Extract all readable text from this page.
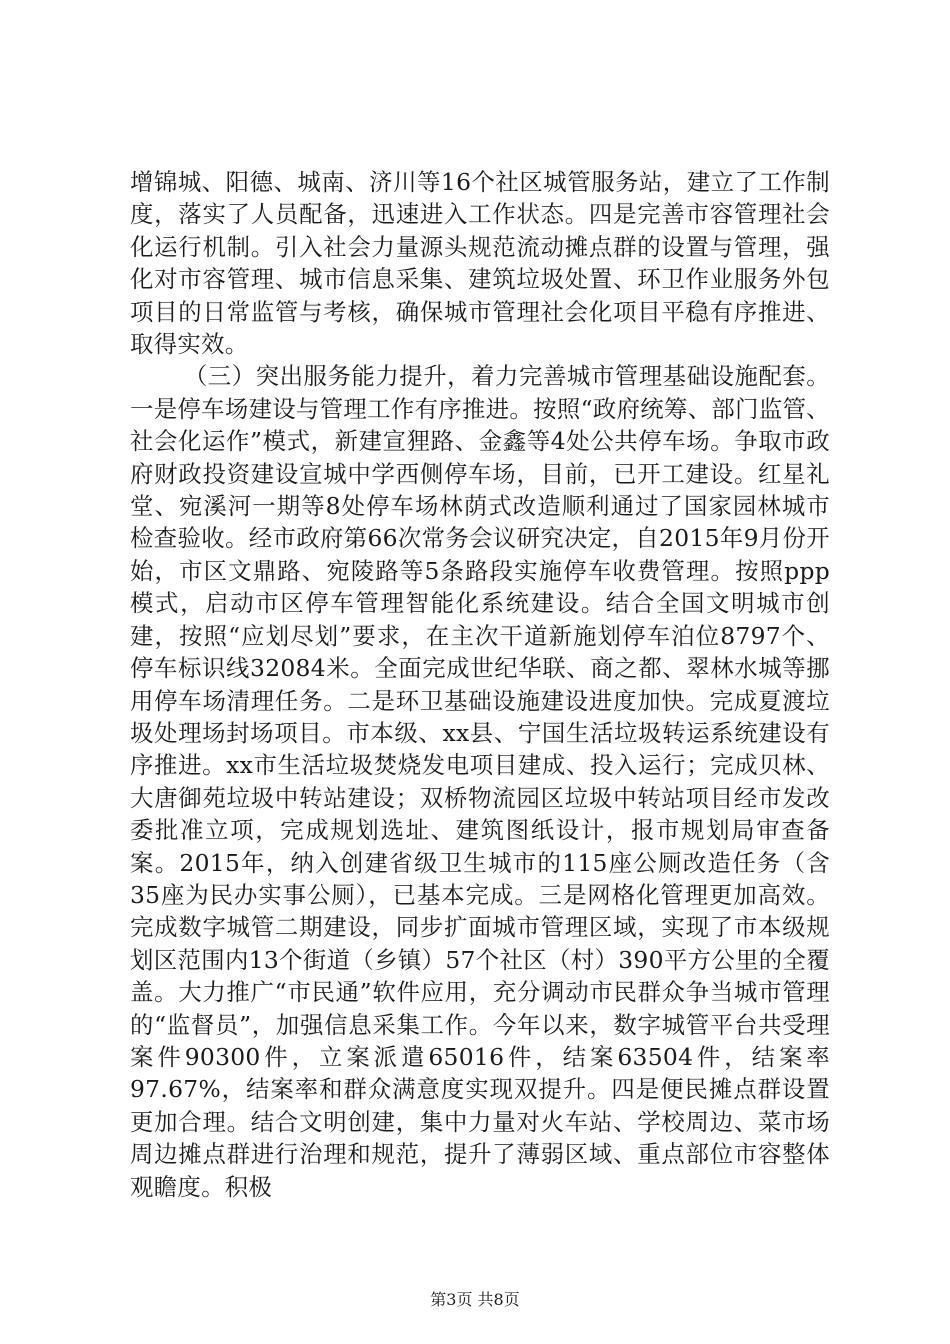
增锦城、阳德、城南、济川等16个社区城管服务站，建立了工作制度，落实了人员配备，迅速进入工作状态。四是完善市容管理社会化运行机制。引入社会力量源头规范流动摊点群的设置与管理，强化对市容管理、城市信息采集、建筑垃圾处置、环卫作业服务外包项目的日常监管与考核，确保城市管理社会化项目平稳有序推进、取得实效。

（三）突出服务能力提升，着力完善城市管理基础设施配套。一是停车场建设与管理工作有序推进。按照“政府统筹、部门监管、社会化运作”模式，新建宣狸路、金鑫等4处公共停车场。争取市政府财政投资建设宣城中学西侧停车场，目前，已开工建设。红星礼堂、宛溪河一期等8处停车场林荫式改造顺利通过了国家园林城市检查验收。经市政府第66次常务会议研究决定，自2015年9月份开始，市区文鼎路、宛陵路等5条路段实施停车收费管理。按照ppp模式，启动市区停车管理智能化系统建设。结合全国文明城市创建，按照“应划尽划”要求，在主次干道新施划停车泊位8797个、停车标识线32084米。全面完成世纪华联、商之都、翠林水城等挪用停车场清理任务。二是环卫基础设施建设进度加快。完成夏渡垃圾处理场封场项目。市本级、xx县、宁国生活垃圾转运系统建设有序推进。xx市生活垃圾焚烧发电项目建成、投入运行；完成贝林、大唐御苑垃圾中转站建设；双桥物流园区垃圾中转站项目经市发改委批准立项，完成规划选址、建筑图纸设计，报市规划局审查备案。2015年，纳入创建省级卫生城市的115座公厕改造任务（含35座为民办实事公厕），已基本完成。三是网格化管理更加高效。完成数字城管二期建设，同步扩面城市管理区域，实现了市本级规划区范围内13个街道（乡镇）57个社区（村）390平方公里的全覆盖。大力推广“市民通”软件应用，充分调动市民群众争当城市管理的“监督员”，加强信息采集工作。今年以来，数字城管平台共受理案件90300件，立案派遣65016件，结案63504件，结案率97.67%，结案率和群众满意度实现双提升。四是便民摊点群设置更加合理。结合文明创建，集中力量对火车站、学校周边、菜市场周边摊点群进行治理和规范，提升了薄弱区域、重点部位市容整体观瞻度。积极

第3页 共8页
